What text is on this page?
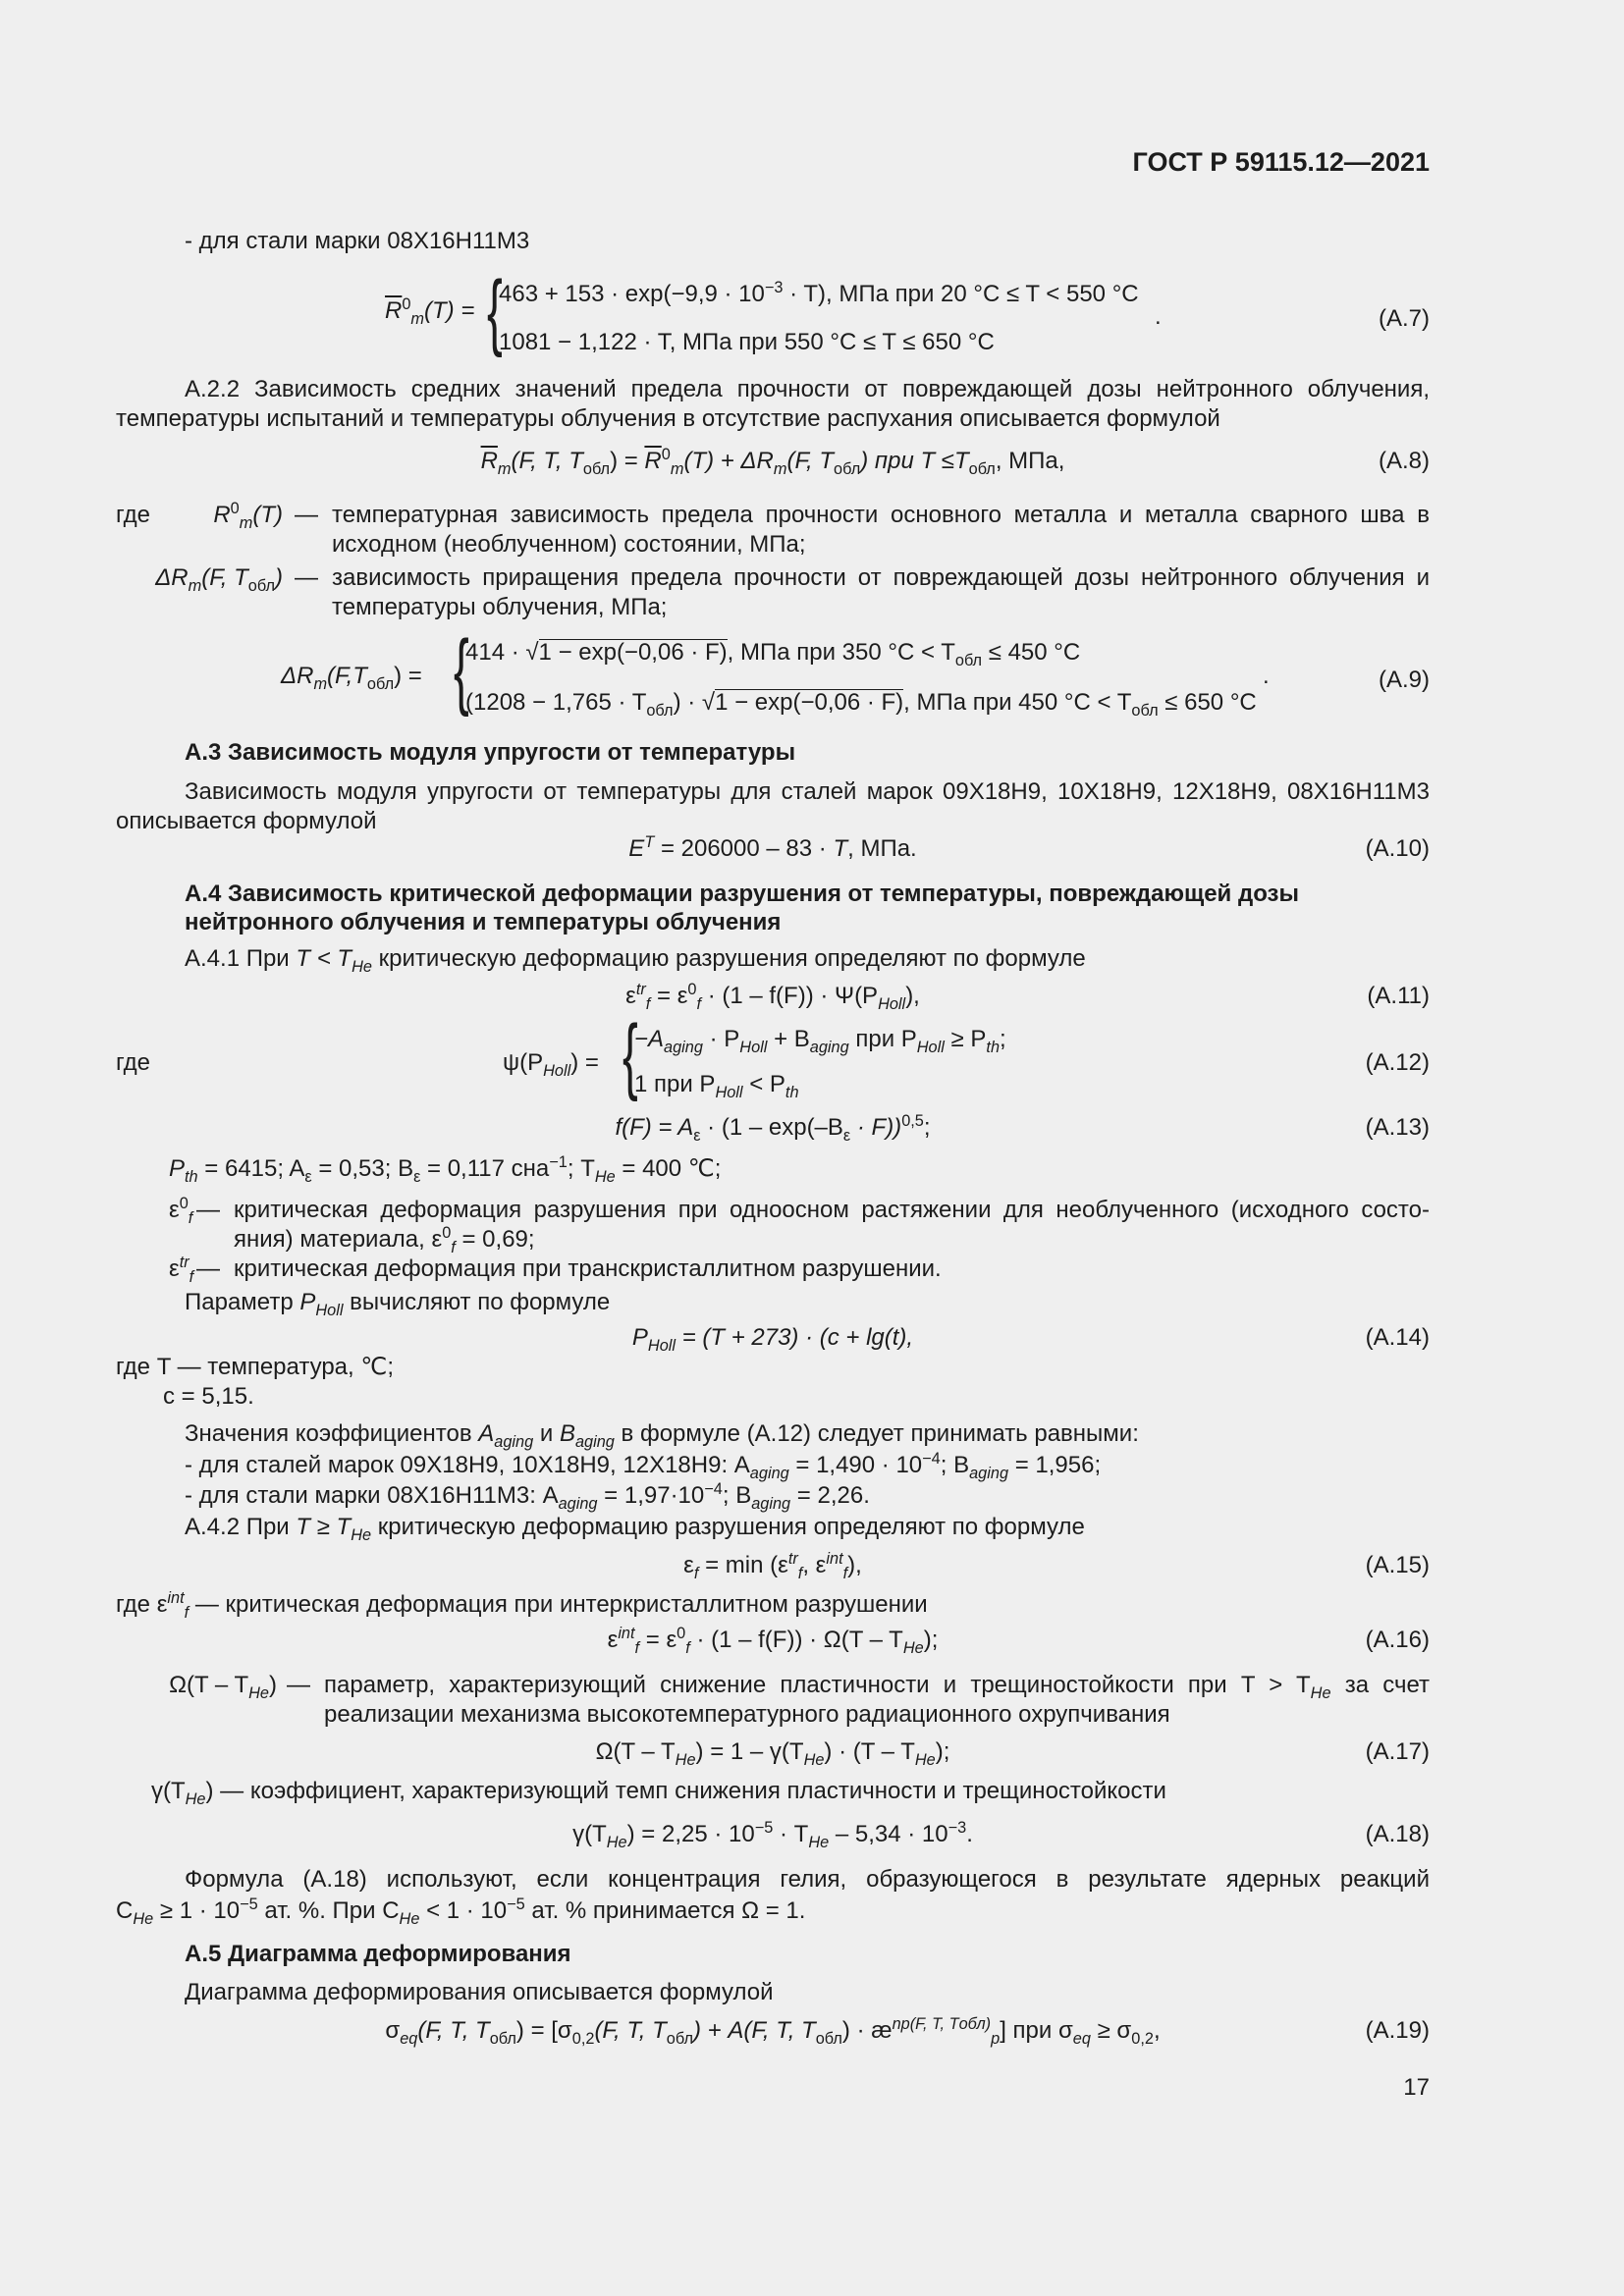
ГОСТ Р 59115.12—2021
- для стали марки 08Х16Н11М3
$\overline{R}^0_m(T)$ = {
$463 + 153 \cdot \exp(-9,9 \cdot 10^{-3} \cdot T)$, МПа при 20 °C ≤ T < 550 °C
1081 − 1,122 · T, МПа при 550 °C ≤ T ≤ 650 °C
.	(A.7)
А.2.2 Зависимость средних значений предела прочности от повреждающей дозы нейтронного облучения,
температуры испытаний и температуры облучения в отсутствие распухания описывается формулой
$\overline{R}_m(F$, T, $T_{обл}) = \overline{R}^0_m(T) + \Delta R_m(F$, $T_{обл}$) при $T \le T_{обл}$, МПа,	(A.8)
где	$R^0_m(T)$ — температурная зависимость предела прочности основного металла и металла сварного шва в
исходном (необлученном) состоянии, МПа;
$\Delta R_m(F$, $T_{обл}$) — зависимость приращения предела прочности от повреждающей дозы нейтронного облучения и
температуры облучения, МПа;
$\Delta R_m(F,T_{обл})$ = {
414 · √1 − exp(−0,06 · F), МПа при 350 $^\circ C < T_{обл} \le 450$ °C
$(1208 - 1,765 \cdot T_{обл}) \cdot √1 - \exp(-0,06 \cdot F)$, МПа при 450 $^\circ C < T_{обл} \le 650$ °C
.	(A.9)
А.3 Зависимость модуля упругости от температуры
Зависимость модуля упругости от температуры для сталей марок 09Х18Н9, 10Х18Н9, 12Х18Н9, 08Х16Н11М3
описывается формулой
$E^T = 206000 - 83 \cdot T$, МПа.	(A.10)
А.4 Зависимость критической деформации разрушения от температуры, повреждающей дозы
нейтронного облучения и температуры облучения
А.4.1 При $T < T_{He}$ критическую деформацию разрушения определяют по формуле
$\varepsilon^{tr}_f = \varepsilon^0_f \cdot (1 - f(F)) \cdot \Psi(P_{Holl})$,	(A.11)
где	$\psi(P_{Holl})$ = {
$-A_{aging} \cdot P_{Holl} + B_{aging}$ при $P_{Holl} \ge P_{th}$;
1 при $P_{Holl} < P_{th}$
(A.12)
$f(F) = A_\varepsilon \cdot (1 - \exp(-B_\varepsilon \cdot F))^{0,5}$;	(A.13)
$P_{th} = 6415$; $A_\varepsilon = 0,53$; $B_\varepsilon = 0,117$ сна$^{-1}$; $T_{He} = 400$ ℃;
$\varepsilon^0_f$ — критическая деформация разрушения при одноосном растяжении для необлученного (исходного состо-
яния) материала, $\varepsilon^0_f = 0,69$;
$\varepsilon^{tr}_f$ — критическая деформация при транскристаллитном разрушении.
Параметр $P_{Holl}$ вычисляют по формуле
$P_{Holl} = (T + 273) \cdot (c + \lg(t)$,	(A.14)
где T — температура, ℃;
c = 5,15.
Значения коэффициентов $A_{aging}$ и $B_{aging}$ в формуле (А.12) следует принимать равными:
- для сталей марок 09Х18Н9, 10Х18Н9, 12Х18Н9: $A_{aging} = 1,490 \cdot 10^{-4}$; $B_{aging} = 1,956$;
- для стали марки 08Х16Н11М3: $A_{aging} = 1,97\cdot 10^{-4}$; $B_{aging} = 2,26$.
А.4.2 При $T \ge T_{He}$ критическую деформацию разрушения определяют по формуле
$\varepsilon_f = \min (\varepsilon^{tr}_f$, $\varepsilon^{int}_f$),	(A.15)
где $\varepsilon^{int}_f$ — критическая деформация при интеркристаллитном разрушении
$\varepsilon^{int}_f = \varepsilon^0_f \cdot (1 - f(F)) \cdot \Omega(T - T_{He})$;	(A.16)
$\Omega(T - T_{He})$ — параметр, характеризующий снижение пластичности и трещиностойкости при $T > T_{He}$ за счет
реализации механизма высокотемпературного радиационного охрупчивания
$\Omega(T - T_{He}) = 1 - \gamma(T_{He}) \cdot (T - T_{He})$;	(A.17)
$\gamma(T_{He})$ — коэффициент, характеризующий темп снижения пластичности и трещиностойкости
$\gamma(T_{He}) = 2,25 \cdot 10^{-5} \cdot T_{He} - 5,34 \cdot 10^{-3}$.	(A.18)
Формула (А.18) используют, если концентрация гелия, образующегося в результате ядерных реакций
$C_{He} \ge 1 \cdot 10^{-5}$ ат. %. При $C_{He} < 1 \cdot 10^{-5}$ ат. % принимается Ω = 1.
А.5 Диаграмма деформирования
Диаграмма деформирования описывается формулой
$\sigma_{eq}(F$, T, $T_{обл}) = [\sigma_{0,2}(F$, T, $T_{обл}) + A(F$, T, $T_{обл}$) · $æ^{np(F, T, Tобл)}_p$] при $\sigma_{eq} \ge \sigma_{0,2}$,	(A.19)
17
